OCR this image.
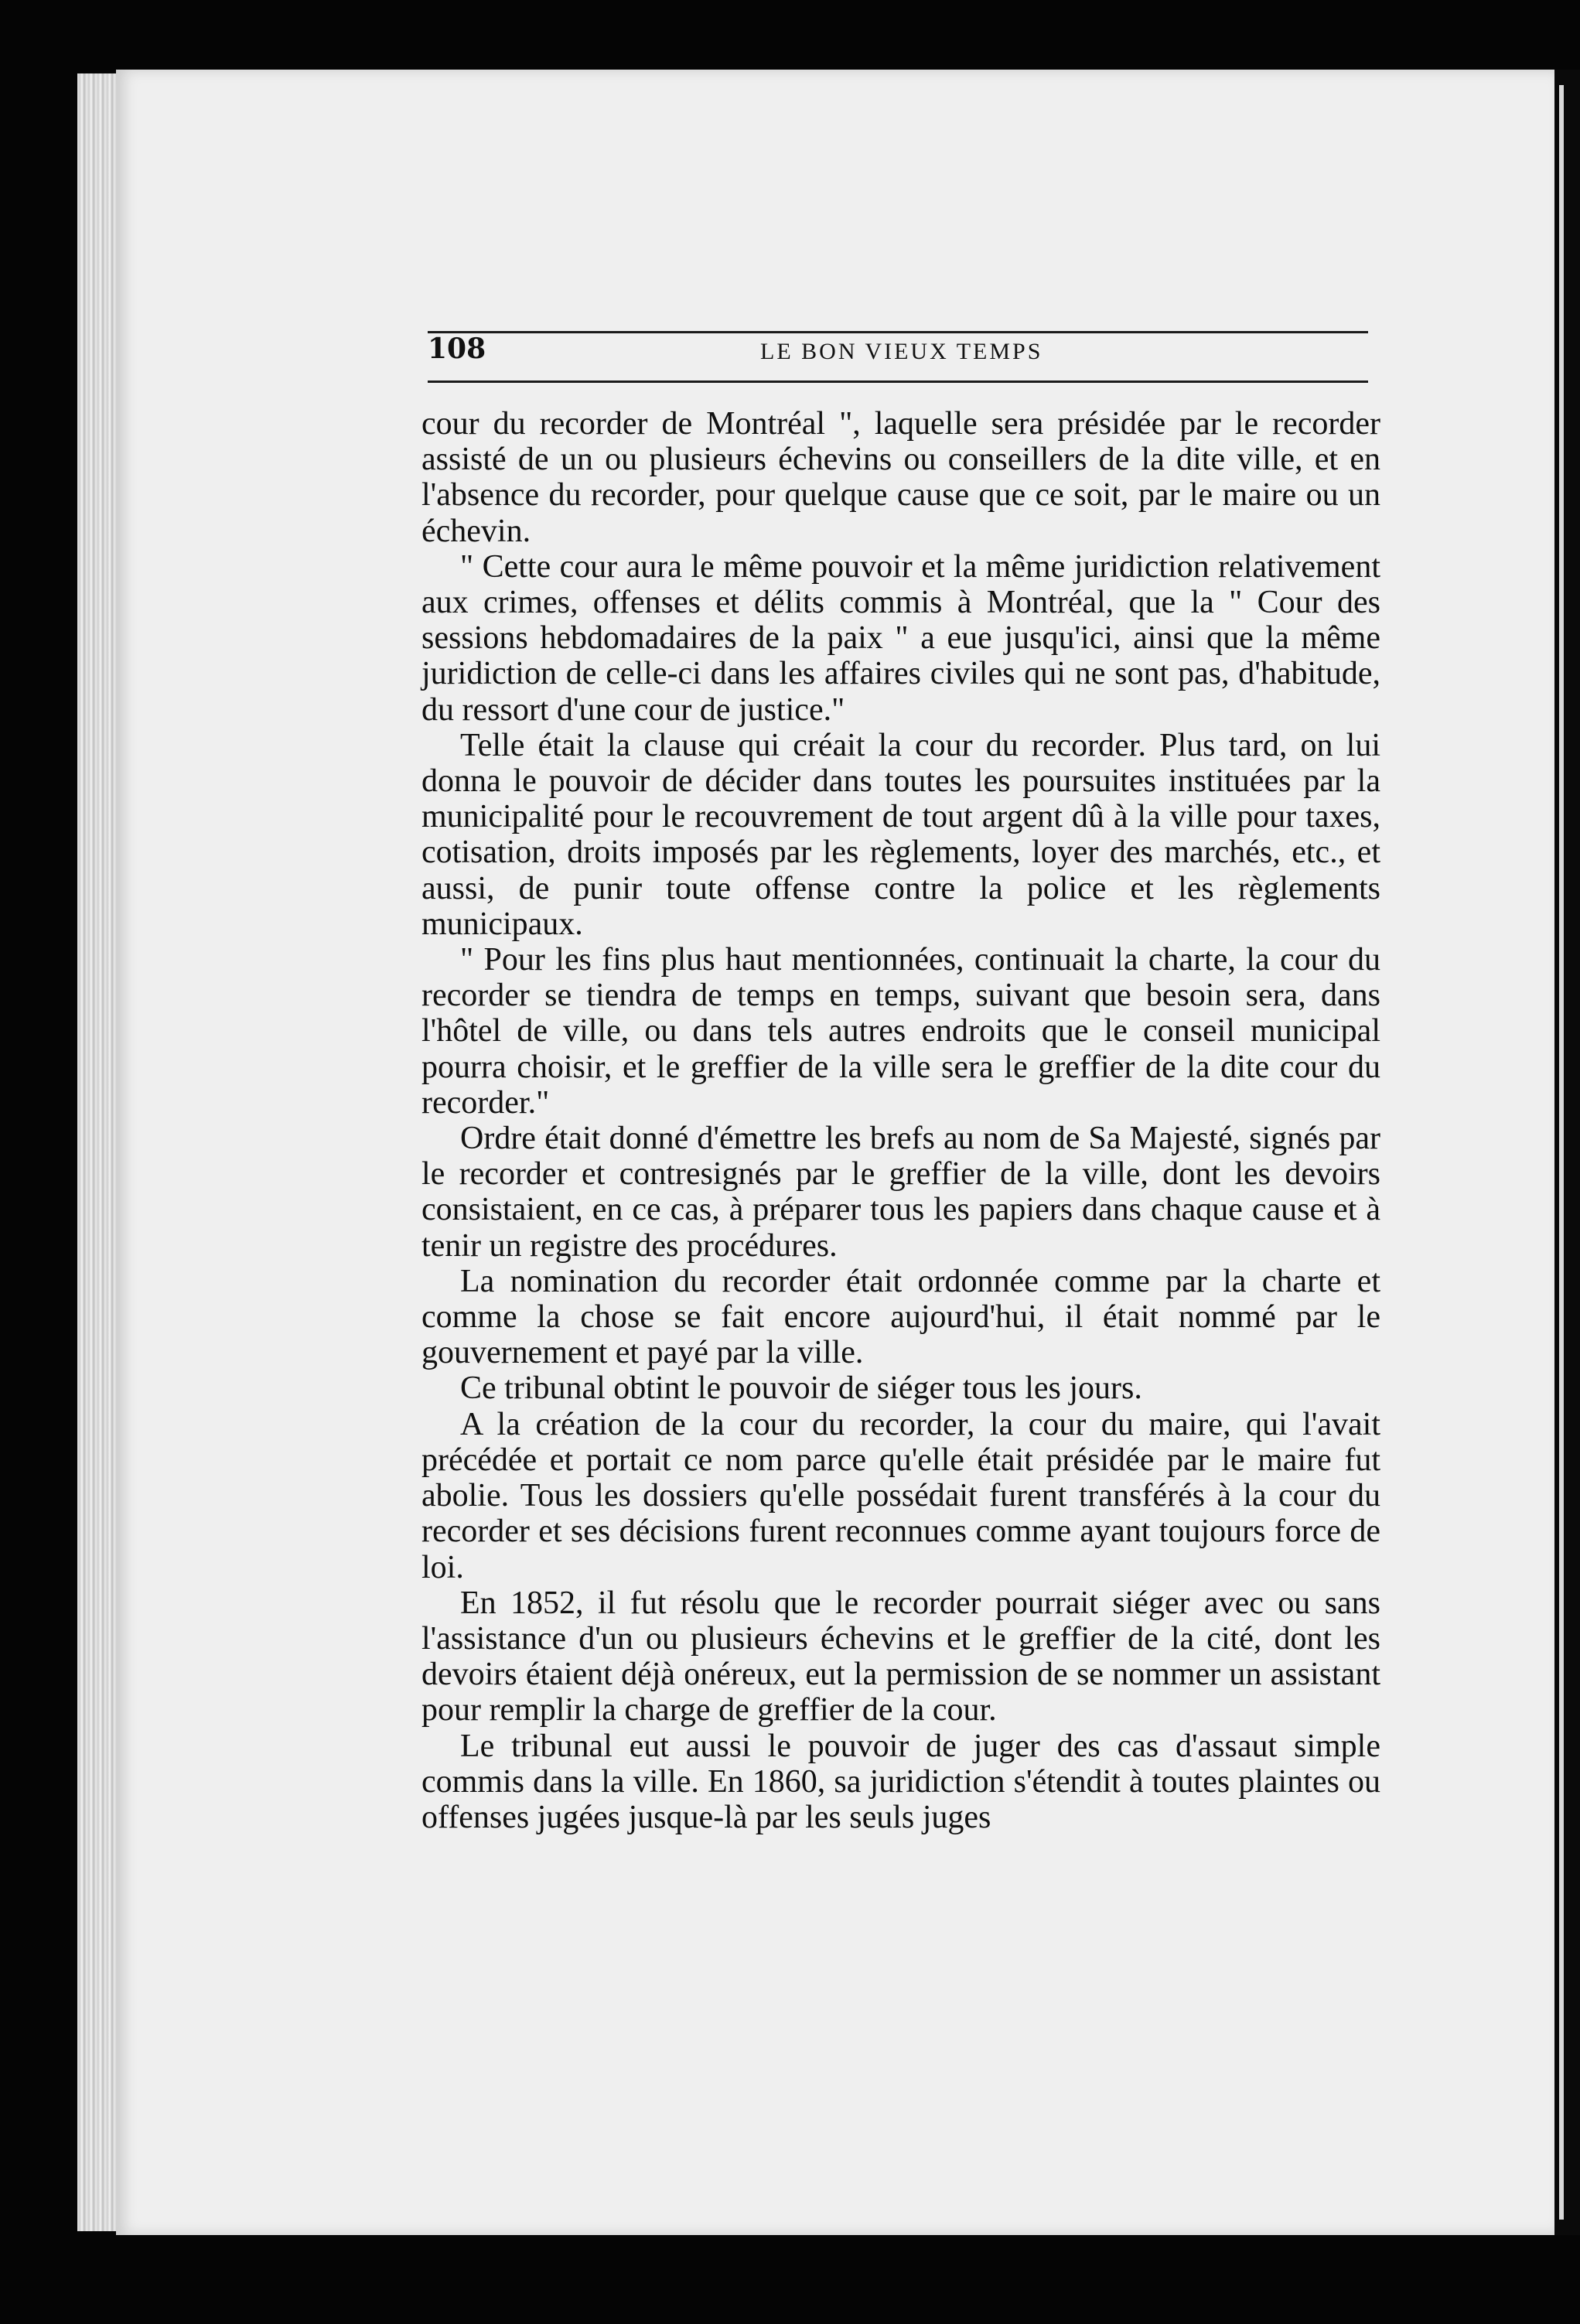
108	LE BON VIEUX TEMPS

cour du recorder de Montréal ", laquelle sera présidée par le recorder assisté de un ou plusieurs échevins ou conseillers de la dite ville, et en l'absence du recorder, pour quelque cause que ce soit, par le maire ou un échevin.

" Cette cour aura le même pouvoir et la même juridiction relativement aux crimes, offenses et délits commis à Montréal, que la " Cour des sessions hebdomadaires de la paix " a eue jusqu'ici, ainsi que la même juridiction de celle-ci dans les affaires civiles qui ne sont pas, d'habitude, du ressort d'une cour de justice."

Telle était la clause qui créait la cour du recorder. Plus tard, on lui donna le pouvoir de décider dans toutes les poursuites instituées par la municipalité pour le recouvrement de tout argent dû à la ville pour taxes, cotisation, droits imposés par les règlements, loyer des marchés, etc., et aussi, de punir toute offense contre la police et les règlements municipaux.

" Pour les fins plus haut mentionnées, continuait la charte, la cour du recorder se tiendra de temps en temps, suivant que besoin sera, dans l'hôtel de ville, ou dans tels autres endroits que le conseil municipal pourra choisir, et le greffier de la ville sera le greffier de la dite cour du recorder."

Ordre était donné d'émettre les brefs au nom de Sa Majesté, signés par le recorder et contresignés par le greffier de la ville, dont les devoirs consistaient, en ce cas, à préparer tous les papiers dans chaque cause et à tenir un registre des procédures.

La nomination du recorder était ordonnée comme par la charte et comme la chose se fait encore aujourd'hui, il était nommé par le gouvernement et payé par la ville.

Ce tribunal obtint le pouvoir de siéger tous les jours.

A la création de la cour du recorder, la cour du maire, qui l'avait précédée et portait ce nom parce qu'elle était présidée par le maire fut abolie. Tous les dossiers qu'elle possédait furent transférés à la cour du recorder et ses décisions furent reconnues comme ayant toujours force de loi.

En 1852, il fut résolu que le recorder pourrait siéger avec ou sans l'assistance d'un ou plusieurs échevins et le greffier de la cité, dont les devoirs étaient déjà onéreux, eut la permission de se nommer un assistant pour remplir la charge de greffier de la cour.

Le tribunal eut aussi le pouvoir de juger des cas d'assaut simple commis dans la ville. En 1860, sa juridiction s'étendit à toutes plaintes ou offenses jugées jusque-là par les seuls juges
